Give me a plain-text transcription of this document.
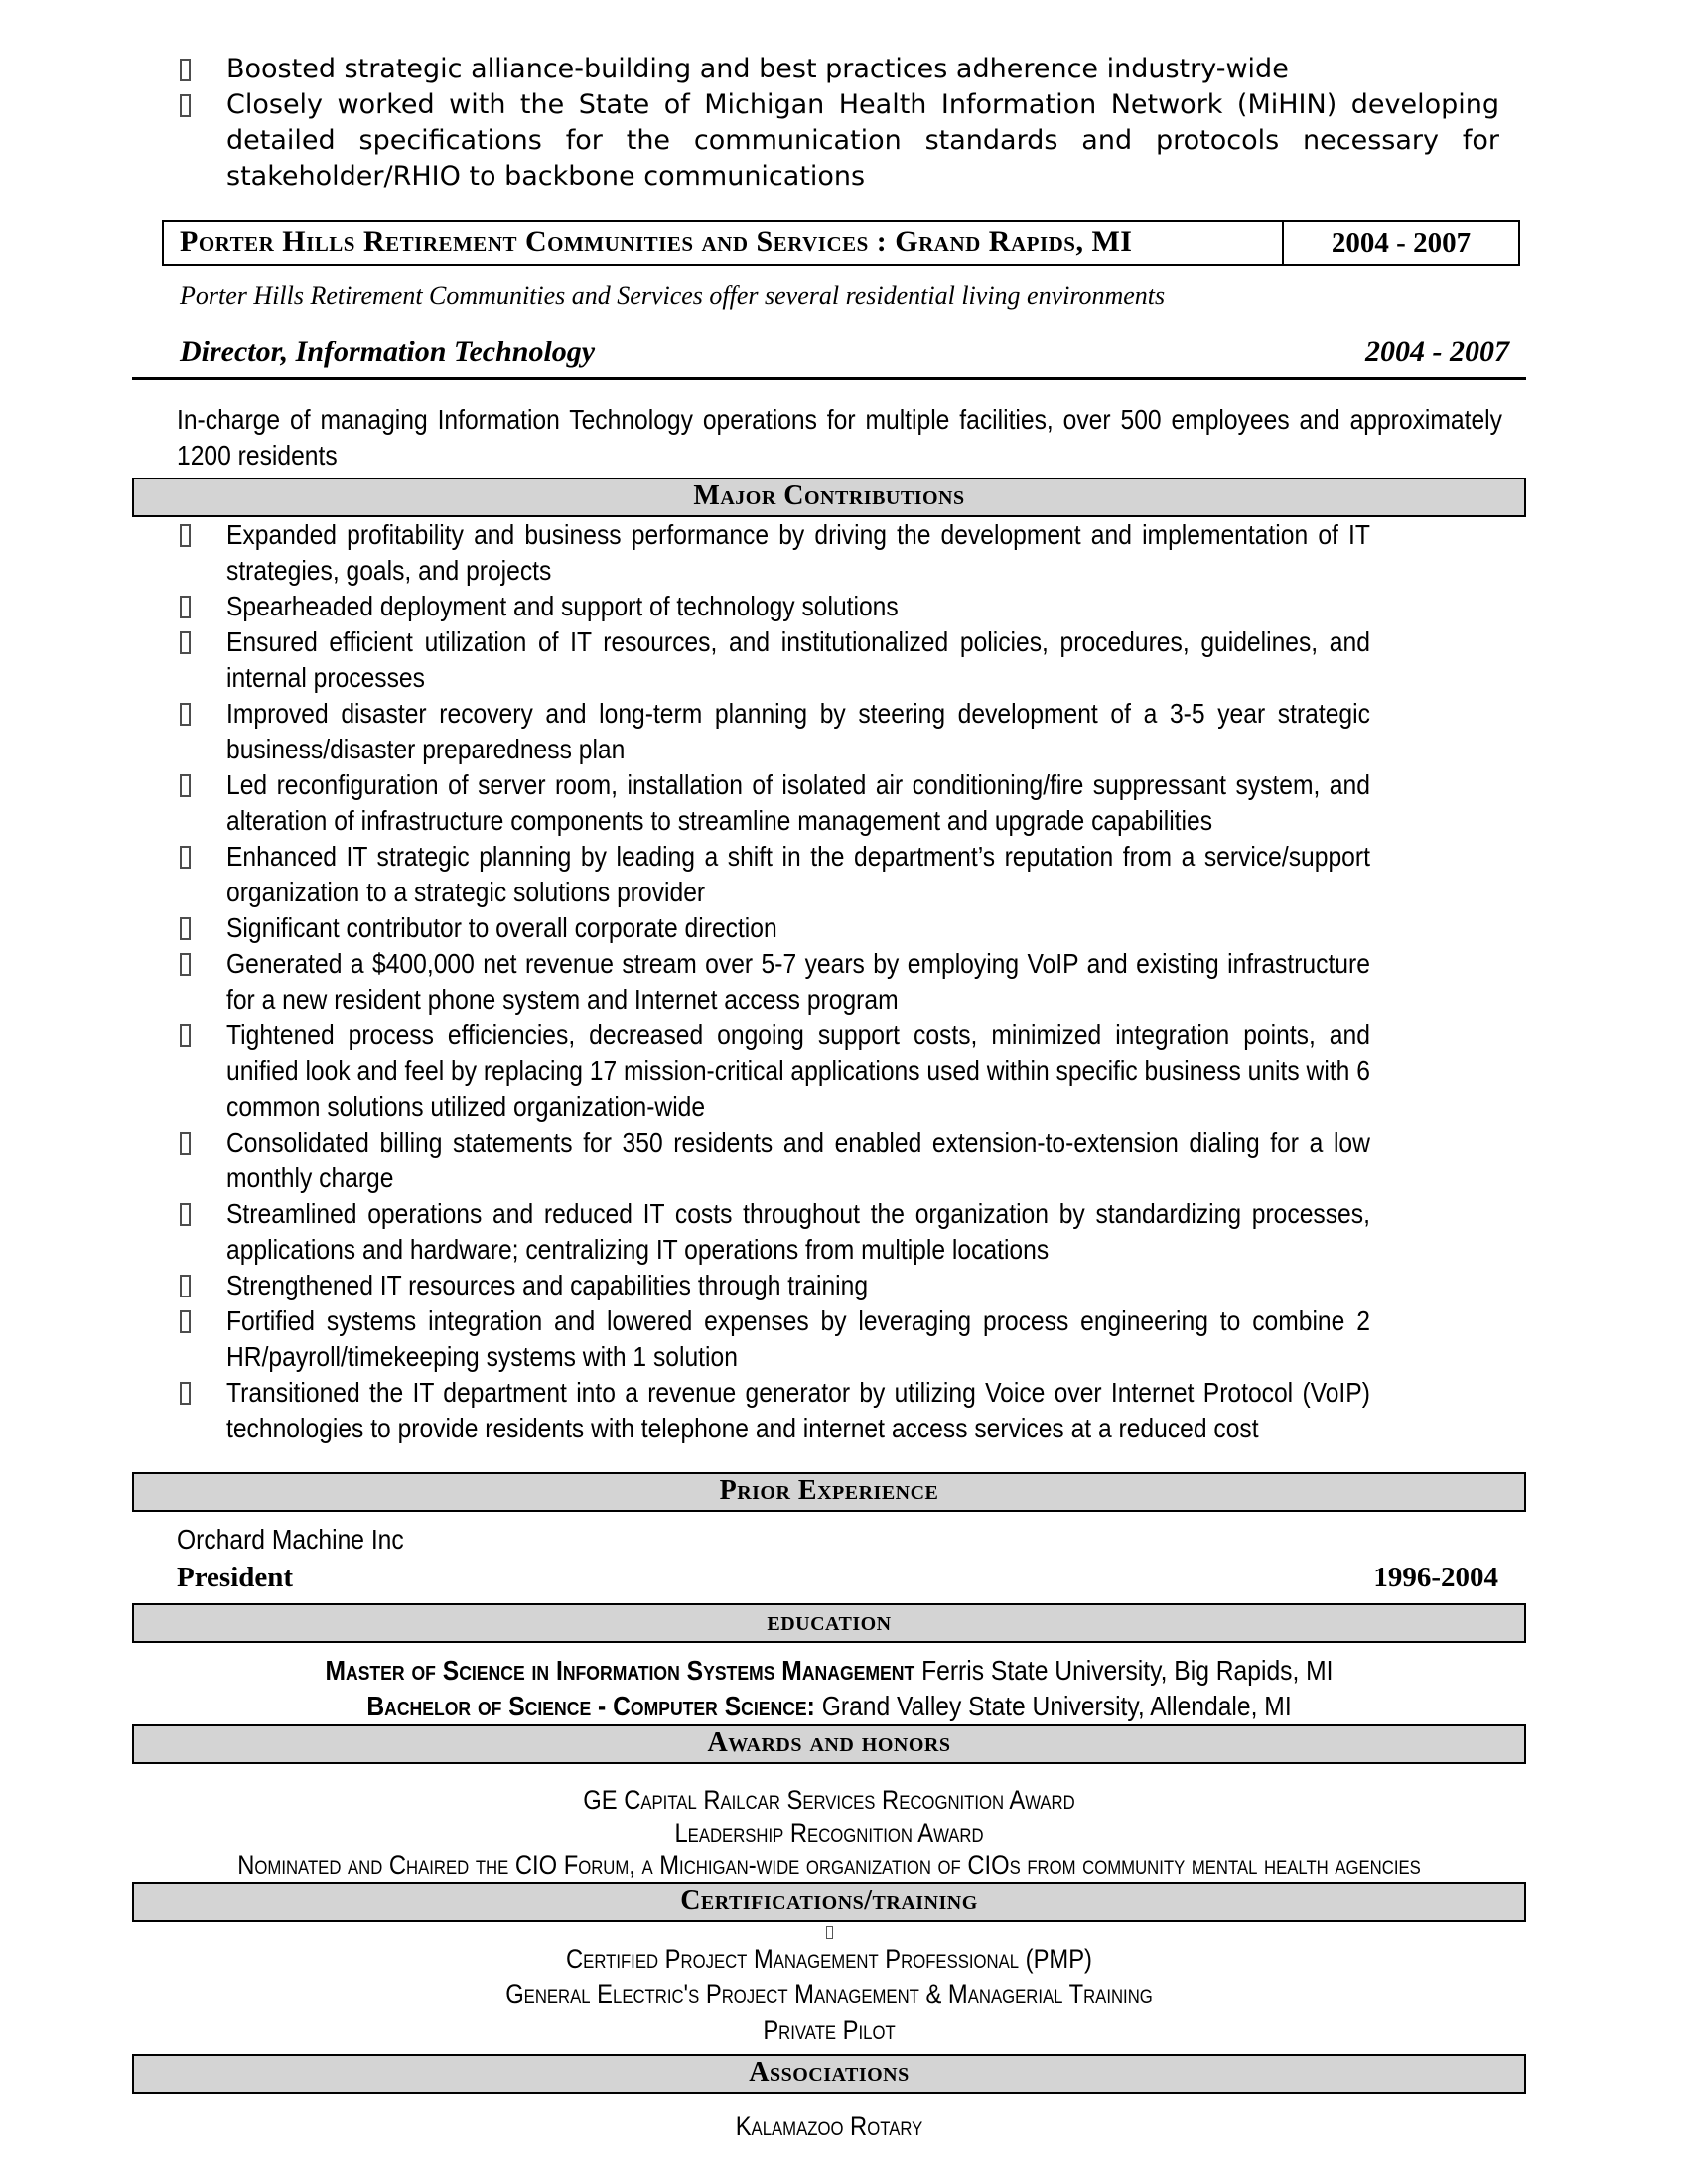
Boosted strategic alliance-building and best practices adherence industry-wide
Closely worked with the State of Michigan Health Information Network (MiHIN) developing detailed specifications for the communication standards and protocols necessary for stakeholder/RHIO to backbone communications
Porter Hills Retirement Communities and Services : Grand Rapids, MI	2004 - 2007
Porter Hills Retirement Communities and Services offer several residential living environments
Director, Information Technology	2004 - 2007
In-charge of managing Information Technology operations for multiple facilities, over 500 employees and approximately 1200 residents
Major Contributions
Expanded profitability and business performance by driving the development and implementation of IT strategies, goals, and projects
Spearheaded deployment and support of technology solutions
Ensured efficient utilization of IT resources, and institutionalized policies, procedures, guidelines, and internal processes
Improved disaster recovery and long-term planning by steering development of a 3-5 year strategic business/disaster preparedness plan
Led reconfiguration of server room, installation of isolated air conditioning/fire suppressant system, and alteration of infrastructure components to streamline management and upgrade capabilities
Enhanced IT strategic planning by leading a shift in the department’s reputation from a service/support organization to a strategic solutions provider
Significant contributor to overall corporate direction
Generated a $400,000 net revenue stream over 5-7 years by employing VoIP and existing infrastructure for a new resident phone system and Internet access program
Tightened process efficiencies, decreased ongoing support costs, minimized integration points, and unified look and feel by replacing 17 mission-critical applications used within specific business units with 6 common solutions utilized organization-wide
Consolidated billing statements for 350 residents and enabled extension-to-extension dialing for a low monthly charge
Streamlined operations and reduced IT costs throughout the organization by standardizing processes, applications and hardware; centralizing IT operations from multiple locations
Strengthened IT resources and capabilities through training
Fortified systems integration and lowered expenses by leveraging process engineering to combine 2 HR/payroll/timekeeping systems with 1 solution
Transitioned the IT department into a revenue generator by utilizing Voice over Internet Protocol (VoIP) technologies to provide residents with telephone and internet access services at a reduced cost
Prior Experience
Orchard Machine Inc
President	1996-2004
education
Master of Science in Information Systems Management Ferris State University, Big Rapids, MI
Bachelor of Science - Computer Science: Grand Valley State University, Allendale, MI
Awards and honors
GE Capital Railcar Services Recognition Award
Leadership Recognition Award
Nominated and Chaired the CIO Forum, a Michigan-wide organization of CIOs from community mental health agencies
Certifications/training
Certified Project Management Professional (PMP)
General Electric's Project Management & Managerial Training
Private Pilot
Associations
Kalamazoo Rotary
